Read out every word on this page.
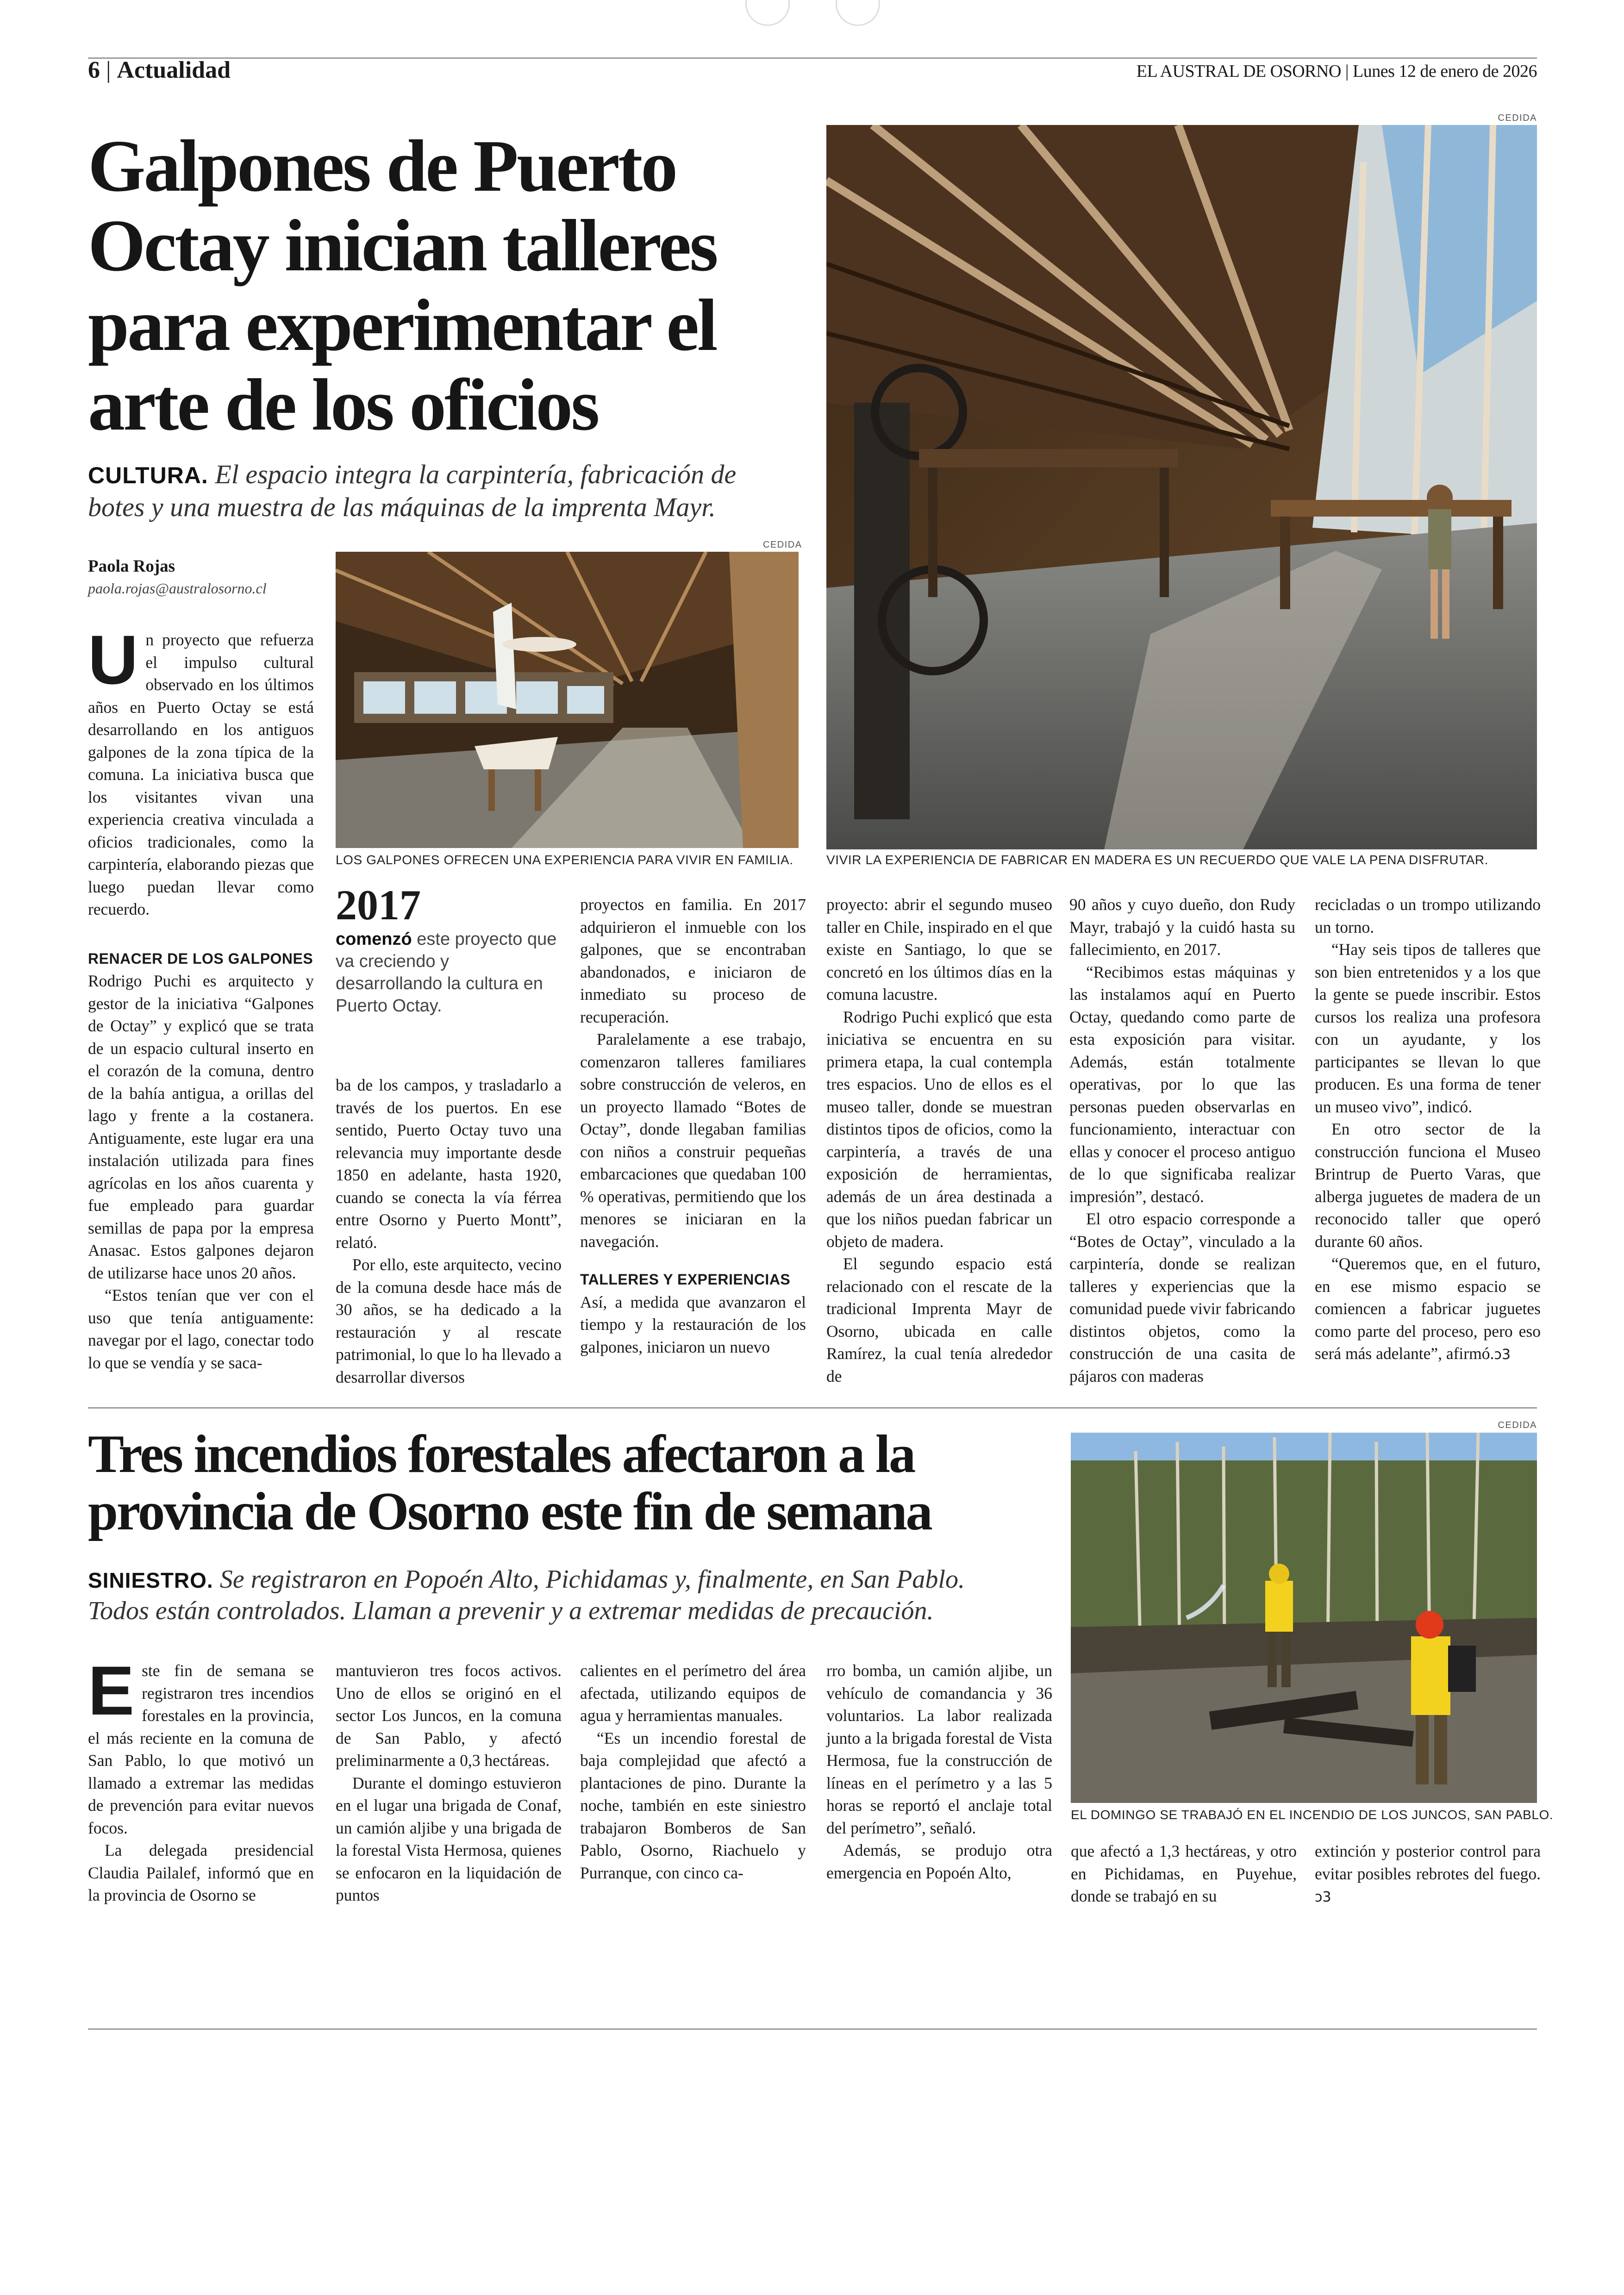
6 | Actualidad	EL AUSTRAL DE OSORNO | Lunes 12 de enero de 2026
Galpones de Puerto
Octay inician talleres
para experimentar el
arte de los oficios
CULTURA. El espacio integra la carpintería, fabricación de
botes y una muestra de las máquinas de la imprenta Mayr.
Paola Rojas
paola.rojas@australosorno.cl
CEDIDA
VIVIR LA EXPERIENCIA DE FABRICAR EN MADERA ES UN RECUERDO QUE VALE LA PENA DISFRUTAR.
CEDIDA
LOS GALPONES OFRECEN UNA EXPERIENCIA PARA VIVIR EN FAMILIA.

Un proyecto que refuerza el impulso cultural observado en los últimos años en Puerto Octay se está desarrollando en los antiguos galpones de la zona típica de la comuna. La iniciativa busca que los visitantes vivan una experiencia creativa vinculada a oficios tradicionales, como la carpintería, elaborando piezas que luego puedan llevar como recuerdo.

RENACER DE LOS GALPONES

Rodrigo Puchi es arquitecto y gestor de la iniciativa “Galpones de Octay” y explicó que se trata de un espacio cultural inserto en el corazón de la comuna, dentro de la bahía antigua, a orillas del lago y frente a la costanera. Antiguamente, este lugar era una instalación utilizada para fines agrícolas en los años cuarenta y fue empleado para guardar semillas de papa por la empresa Anasac. Estos galpones dejaron de utilizarse hace unos 20 años.

“Estos tenían que ver con el uso que tenía antiguamente: navegar por el lago, conectar todo lo que se vendía y se saca-

2017
comenzó este proyecto que va creciendo y desarrollando la cultura en Puerto Octay.

ba de los campos, y trasladarlo a través de los puertos. En ese sentido, Puerto Octay tuvo una relevancia muy importante desde 1850 en adelante, hasta 1920, cuando se conecta la vía férrea entre Osorno y Puerto Montt”, relató.

Por ello, este arquitecto, vecino de la comuna desde hace más de 30 años, se ha dedicado a la restauración y al rescate patrimonial, lo que lo ha llevado a desarrollar diversos

proyectos en familia. En 2017 adquirieron el inmueble con los galpones, que se encontraban abandonados, e iniciaron de inmediato su proceso de recuperación.

Paralelamente a ese trabajo, comenzaron talleres familiares sobre construcción de veleros, en un proyecto llamado “Botes de Octay”, donde llegaban familias con niños a construir pequeñas embarcaciones que quedaban 100 % operativas, permitiendo que los menores se iniciaran en la navegación.

TALLERES Y EXPERIENCIAS

Así, a medida que avanzaron el tiempo y la restauración de los galpones, iniciaron un nuevo

proyecto: abrir el segundo museo taller en Chile, inspirado en el que existe en Santiago, lo que se concretó en los últimos días en la comuna lacustre.

Rodrigo Puchi explicó que esta iniciativa se encuentra en su primera etapa, la cual contempla tres espacios. Uno de ellos es el museo taller, donde se muestran distintos tipos de oficios, como la carpintería, a través de una exposición de herramientas, además de un área destinada a que los niños puedan fabricar un objeto de madera.

El segundo espacio está relacionado con el rescate de la tradicional Imprenta Mayr de Osorno, ubicada en calle Ramírez, la cual tenía alrededor de

90 años y cuyo dueño, don Rudy Mayr, trabajó y la cuidó hasta su fallecimiento, en 2017.

“Recibimos estas máquinas y las instalamos aquí en Puerto Octay, quedando como parte de esta exposición para visitar. Además, están totalmente operativas, por lo que las personas pueden observarlas en funcionamiento, interactuar con ellas y conocer el proceso antiguo de lo que significaba realizar impresión”, destacó.

El otro espacio corresponde a “Botes de Octay”, vinculado a la carpintería, donde se realizan talleres y experiencias que la comunidad puede vivir fabricando distintos objetos, como la construcción de una casita de pájaros con maderas

recicladas o un trompo utilizando un torno.

“Hay seis tipos de talleres que son bien entretenidos y a los que la gente se puede inscribir. Estos cursos los realiza una profesora con un ayudante, y los participantes se llevan lo que producen. Es una forma de tener un museo vivo”, indicó.

En otro sector de la construcción funciona el Museo Brintrup de Puerto Varas, que alberga juguetes de madera de un reconocido taller que operó durante 60 años.

“Queremos que, en el futuro, en ese mismo espacio se comiencen a fabricar juguetes como parte del proceso, pero eso será más adelante”, afirmó.ↄ3

Tres incendios forestales afectaron a la
provincia de Osorno este fin de semana
SINIESTRO. Se registraron en Popoén Alto, Pichidamas y, finalmente, en San Pablo.
Todos están controlados. Llaman a prevenir y a extremar medidas de precaución.
CEDIDA
EL DOMINGO SE TRABAJÓ EN EL INCENDIO DE LOS JUNCOS, SAN PABLO.

Este fin de semana se registraron tres incendios forestales en la provincia, el más reciente en la comuna de San Pablo, lo que motivó un llamado a extremar las medidas de prevención para evitar nuevos focos.

La delegada presidencial Claudia Pailalef, informó que en la provincia de Osorno se

mantuvieron tres focos activos. Uno de ellos se originó en el sector Los Juncos, en la comuna de San Pablo, y afectó preliminarmente a 0,3 hectáreas.

Durante el domingo estuvieron en el lugar una brigada de Conaf, un camión aljibe y una brigada de la forestal Vista Hermosa, quienes se enfocaron en la liquidación de puntos

calientes en el perímetro del área afectada, utilizando equipos de agua y herramientas manuales.

“Es un incendio forestal de baja complejidad que afectó a plantaciones de pino. Durante la noche, también en este siniestro trabajaron Bomberos de San Pablo, Osorno, Riachuelo y Purranque, con cinco ca-

rro bomba, un camión aljibe, un vehículo de comandancia y 36 voluntarios. La labor realizada junto a la brigada forestal de Vista Hermosa, fue la construcción de líneas en el perímetro y a las 5 horas se reportó el anclaje total del perímetro”, señaló.

Además, se produjo otra emergencia en Popoén Alto,

que afectó a 1,3 hectáreas, y otro en Pichidamas, en Puyehue, donde se trabajó en su

extinción y posterior control para evitar posibles rebrotes del fuego. ↄ3
